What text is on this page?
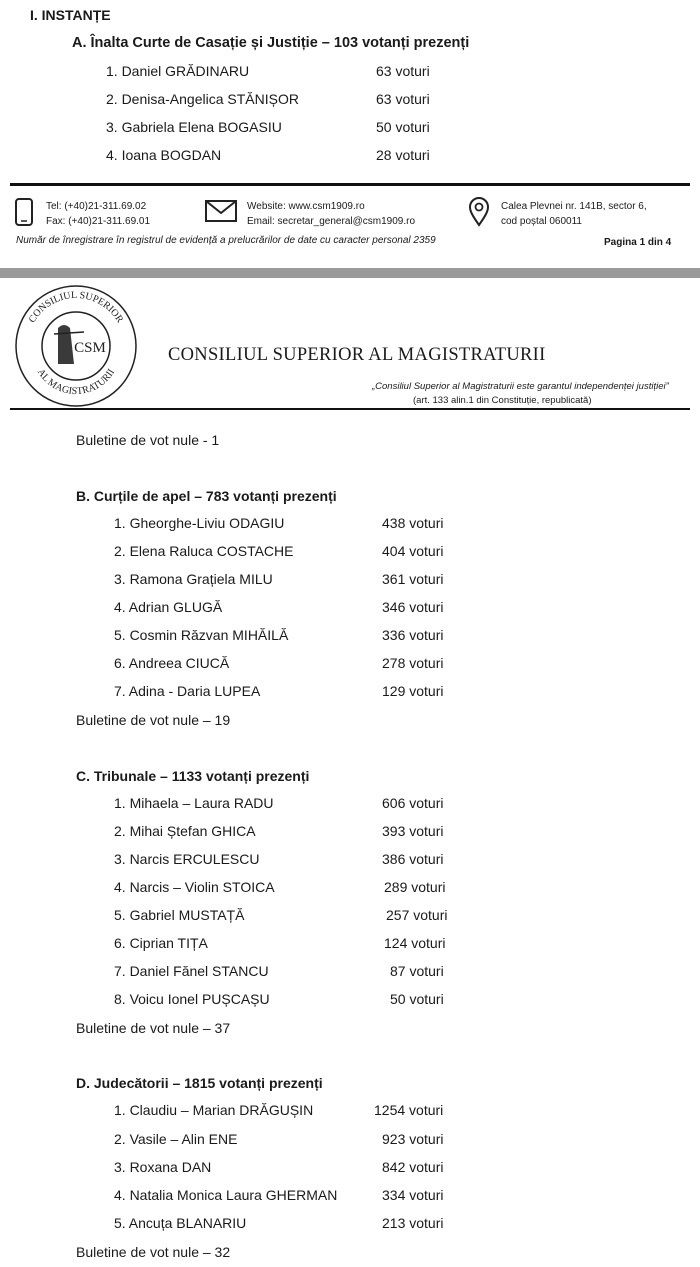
I. INSTANȚE
A. Înalta Curte de Casație și Justiție – 103 votanți prezenți
1. Daniel GRĂDINARU	63 voturi
2. Denisa-Angelica STĂNIȘOR	63 voturi
3. Gabriela Elena BOGASIU	50 voturi
4. Ioana BOGDAN	28 voturi
Tel: (+40)21-311.69.02
Fax: (+40)21-311.69.01
Website: www.csm1909.ro
Email: secretar_general@csm1909.ro
Calea Plevnei nr. 141B, sector 6,
cod poștal 060011
Număr de înregistrare în registrul de evidență a prelucrărilor de date cu caracter personal 2359	Pagina 1 din 4
CONSILIUL SUPERIOR
AL MAGISTRATURII
CSM	CONSILIUL SUPERIOR AL MAGISTRATURII
„Consiliul Superior al Magistraturii este garantul independenței justiției”
(art. 133 alin.1 din Constituție, republicată)
Buletine de vot nule - 1
B. Curțile de apel – 783 votanți prezenți
1. Gheorghe-Liviu ODAGIU	438 voturi
2. Elena Raluca COSTACHE	404 voturi
3. Ramona Grațiela MILU	361 voturi
4. Adrian GLUGĂ	346 voturi
5. Cosmin Răzvan MIHĂILĂ	336 voturi
6. Andreea CIUCĂ	278 voturi
7. Adina - Daria LUPEA	129 voturi
Buletine de vot nule – 19
C. Tribunale – 1133 votanți prezenți
1. Mihaela – Laura RADU	606 voturi
2. Mihai Ștefan GHICA	393 voturi
3. Narcis ERCULESCU	386 voturi
4. Narcis – Violin STOICA	289 voturi
5. Gabriel MUSTAȚĂ	257 voturi
6. Ciprian TIȚA	124 voturi
7. Daniel Fănel STANCU	87 voturi
8. Voicu Ionel PUȘCAȘU	50 voturi
Buletine de vot nule – 37
D. Judecătorii – 1815 votanți prezenți
1. Claudiu – Marian DRĂGUȘIN	1254 voturi
2. Vasile – Alin ENE	923 voturi
3. Roxana DAN	842 voturi
4. Natalia Monica Laura GHERMAN	334 voturi
5. Ancuța BLANARIU	213 voturi
Buletine de vot nule – 32
